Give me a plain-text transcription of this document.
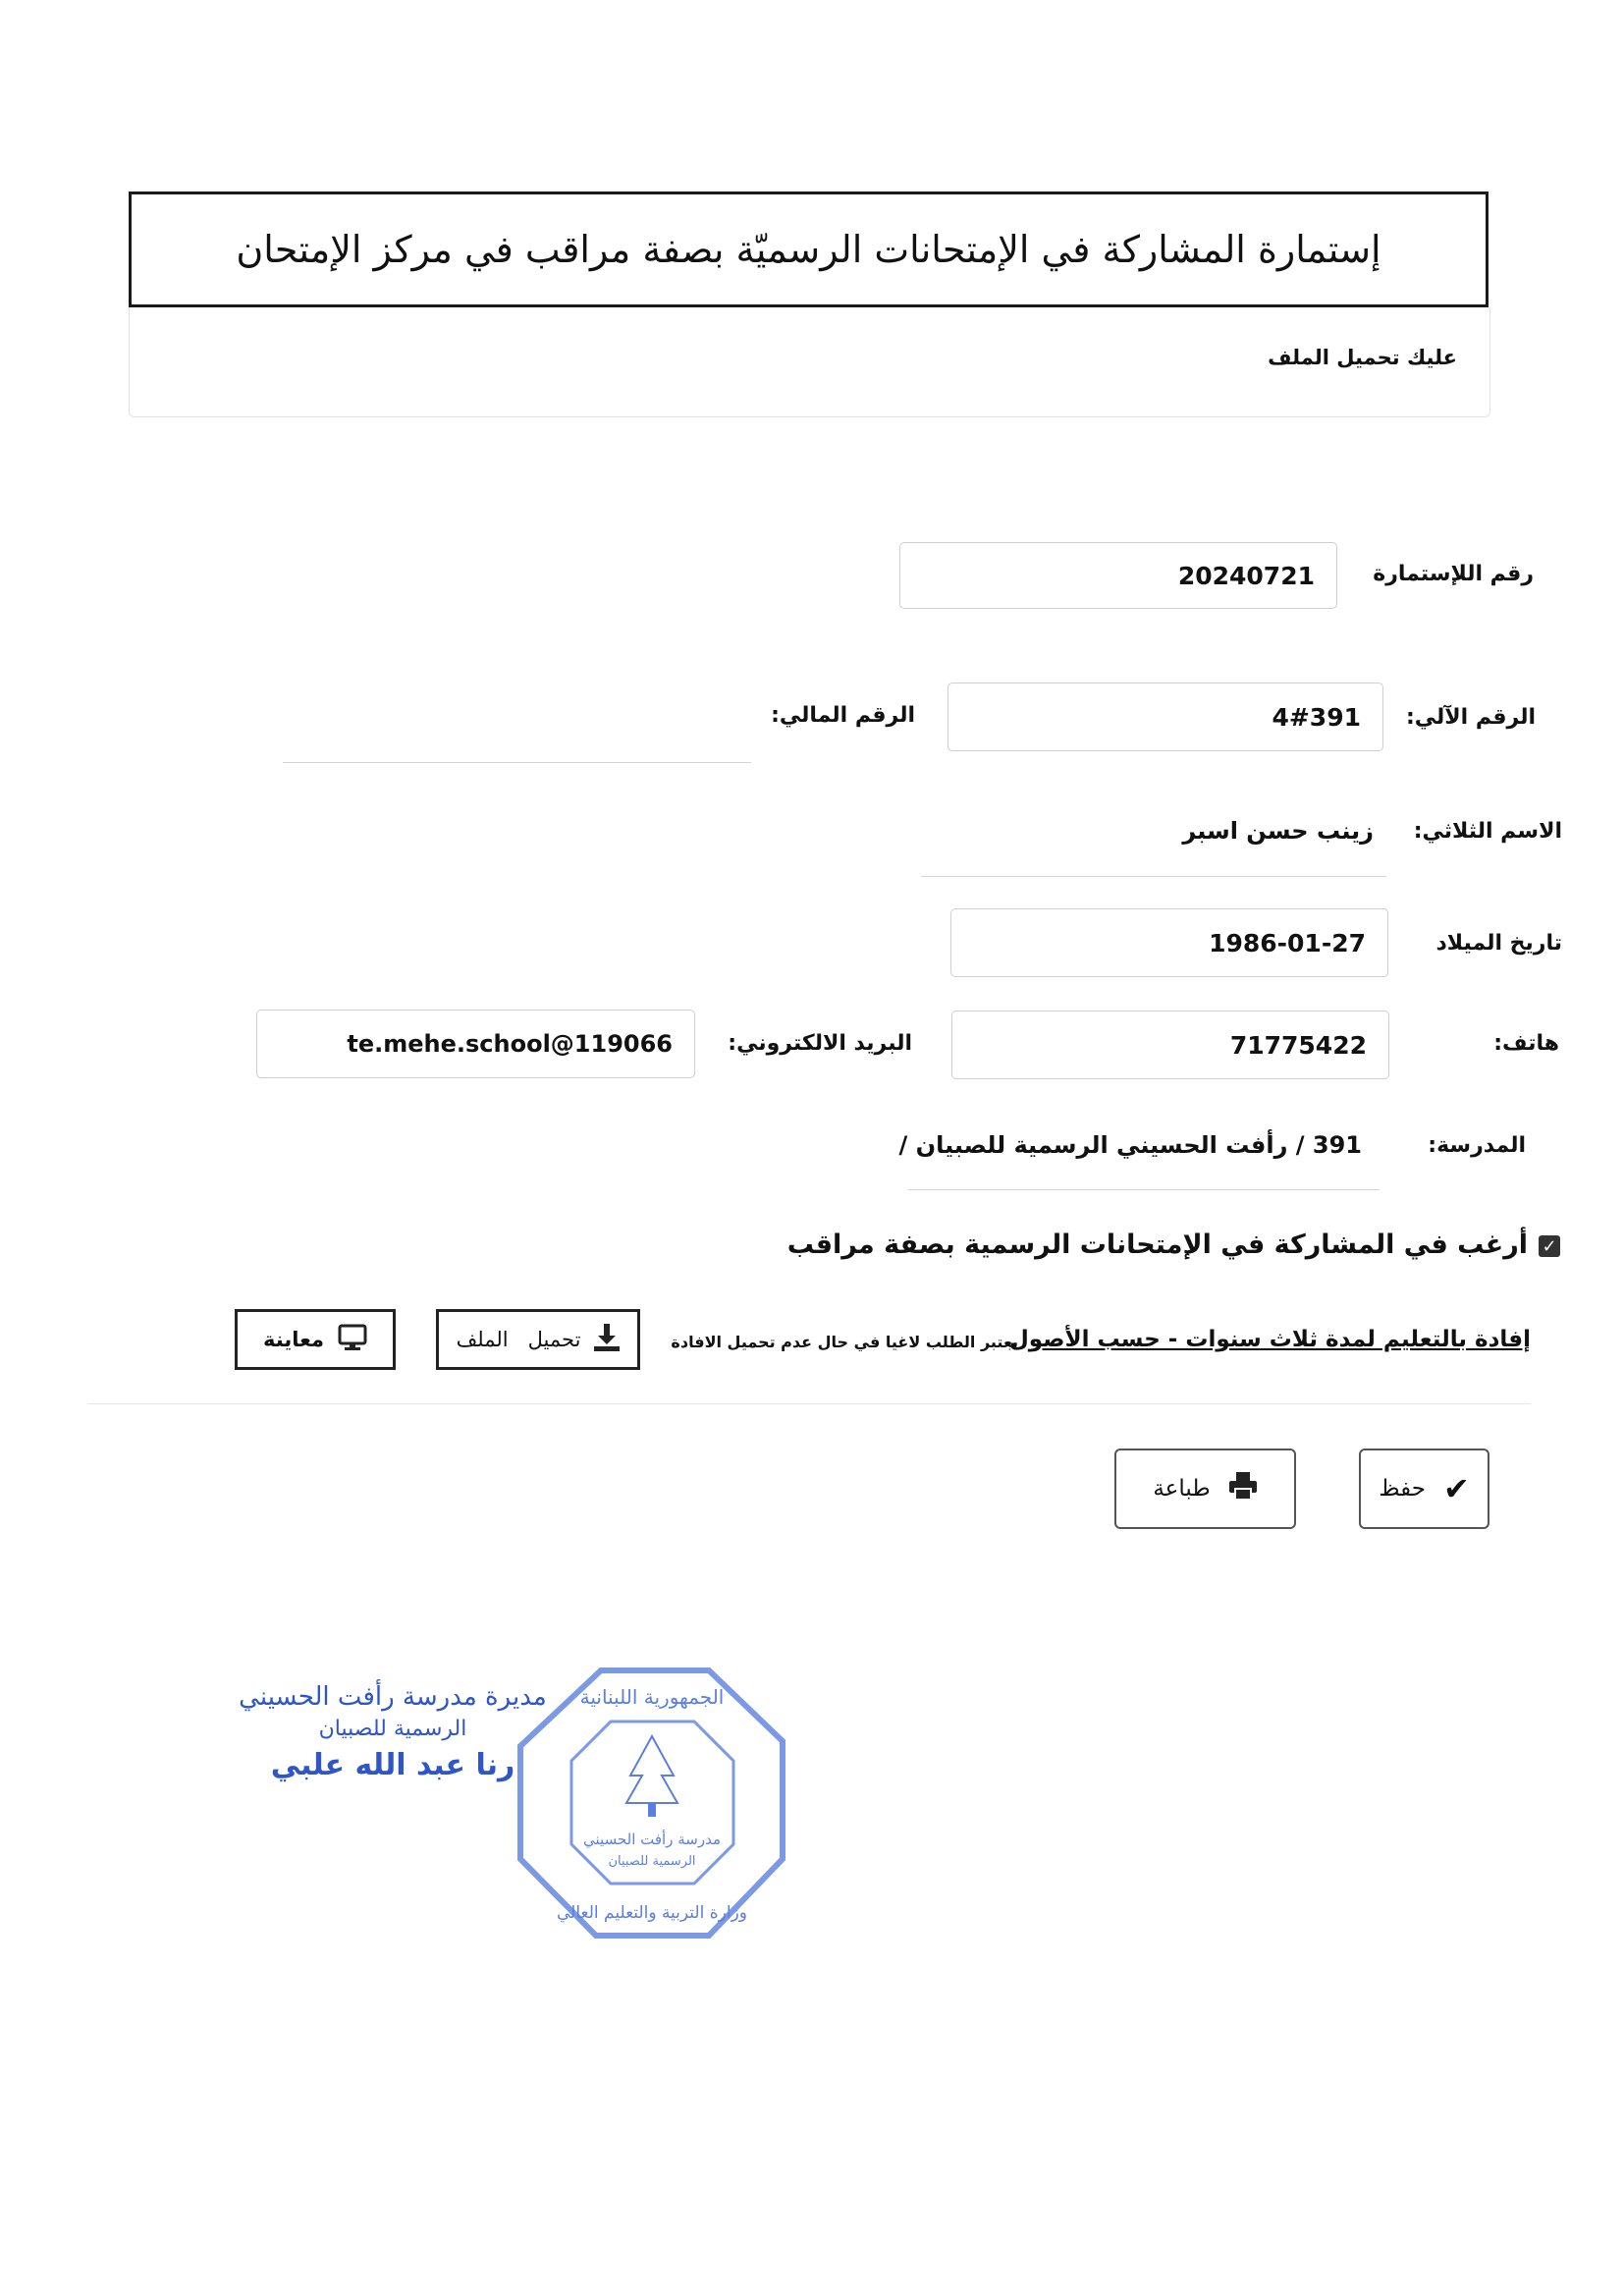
إستمارة المشاركة في الإمتحانات الرسميّة بصفة مراقب في مركز الإمتحان
عليك تحميل الملف
رقم اللإستمارة
20240721
الرقم الآلي:
4#391
الرقم المالي:
الاسم الثلاثي:
زينب حسن اسبر
تاريخ الميلاد
1986-01-27
هاتف:
71775422
البريد الالكتروني:
te.mehe.school@119066
المدرسة:
391 / رأفت الحسيني الرسمية للصبيان /
✓
أرغب في المشاركة في الإمتحانات الرسمية بصفة مراقب
إفادة بالتعليم لمدة ثلاث سنوات - حسب الأصول
يعتبر الطلب لاغيا في حال عدم تحميل الافادة
تحميل   الملف
معاينة
✔
حفظ
طباعة
مدرسة رأفت الحسيني
الرسمية للصبيان
الجمهورية اللبنانية
وزارة التربية والتعليم العالي
مديرة مدرسة رأفت الحسيني
الرسمية للصبيان
رنا عبد الله علبي
